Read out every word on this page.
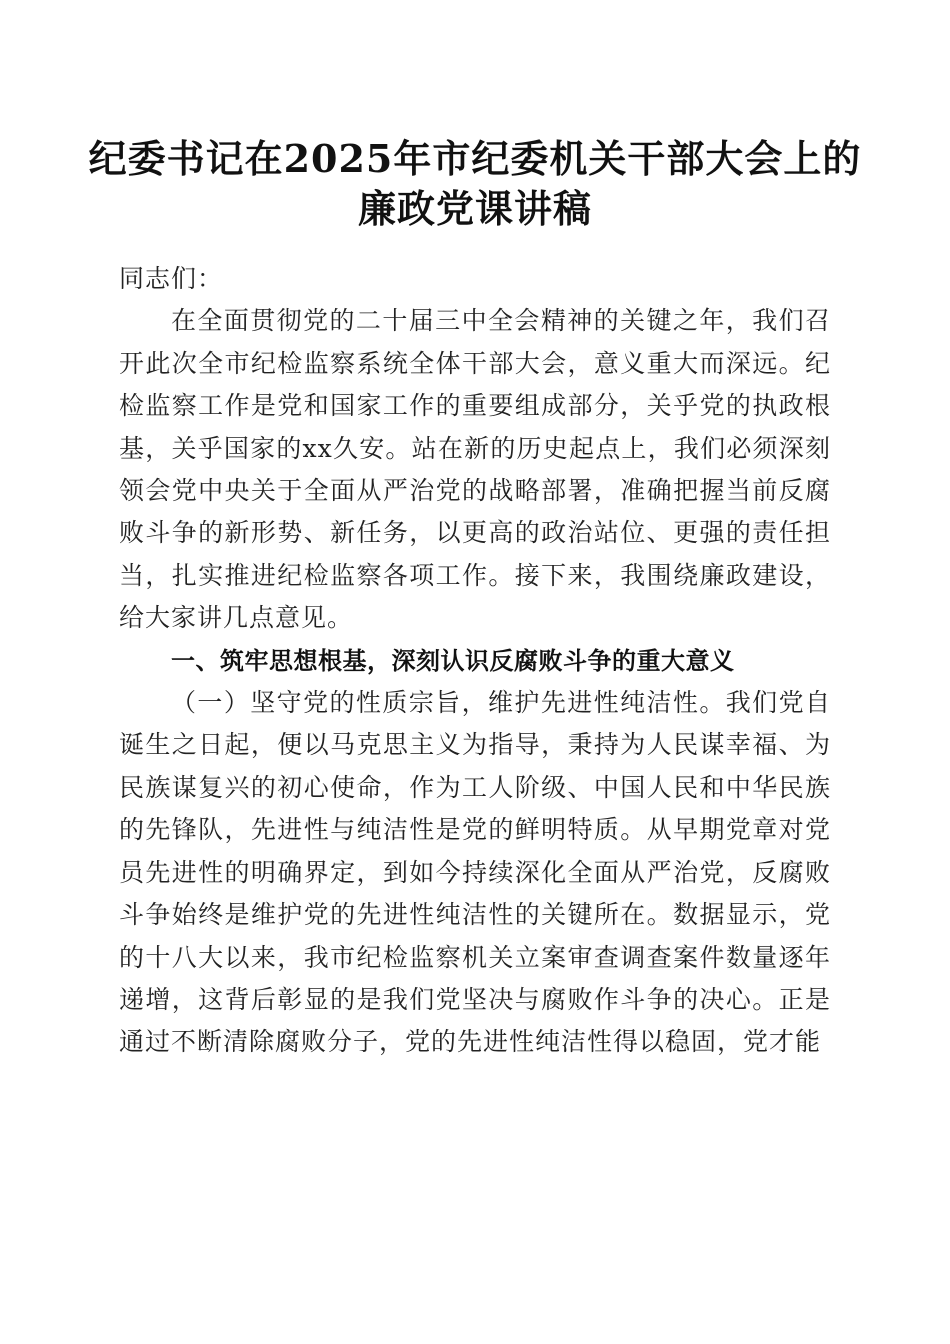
纪委书记在2025年市纪委机关干部大会上的
廉政党课讲稿

同志们：

在全面贯彻党的二十届三中全会精神的关键之年，我们召开此次全市纪检监察系统全体干部大会，意义重大而深远。纪检监察工作是党和国家工作的重要组成部分，关乎党的执政根基，关乎国家的xx久安。站在新的历史起点上，我们必须深刻领会党中央关于全面从严治党的战略部署，准确把握当前反腐败斗争的新形势、新任务，以更高的政治站位、更强的责任担当，扎实推进纪检监察各项工作。接下来，我围绕廉政建设，给大家讲几点意见。

一、筑牢思想根基，深刻认识反腐败斗争的重大意义

（一）坚守党的性质宗旨，维护先进性纯洁性。我们党自诞生之日起，便以马克思主义为指导，秉持为人民谋幸福、为民族谋复兴的初心使命，作为工人阶级、中国人民和中华民族的先锋队，先进性与纯洁性是党的鲜明特质。从早期党章对党员先进性的明确界定，到如今持续深化全面从严治党，反腐败斗争始终是维护党的先进性纯洁性的关键所在。数据显示，党的十八大以来，我市纪检监察机关立案审查调查案件数量逐年递增，这背后彰显的是我们党坚决与腐败作斗争的决心。正是通过不断清除腐败分子，党的先进性纯洁性得以稳固，党才能
